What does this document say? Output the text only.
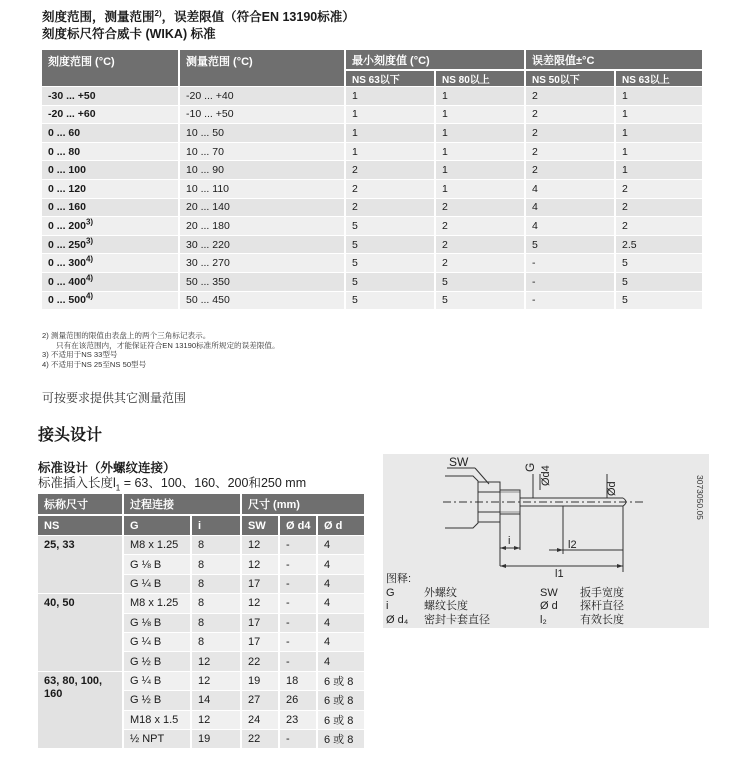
刻度范围，测量范围$^{2)}$，误差限值（符合EN 13190标准）
刻度标尺符合威卡 (WIKA) 标准
刻度范围 (°C)	测量范围 (°C)	最小刻度值 (°C)		误差限值±°C	
		NS 63以下	NS 80以上	NS 50以下	NS 63以上
-30 ... +50	-20 ... +40	1	1	2	1
-20 ... +60	-10 ... +50	1	1	2	1
0 ... 60	10 ... 50	1	1	2	1
0 ... 80	10 ... 70	1	1	2	1
0 ... 100	10 ... 90	2	1	2	1
0 ... 120	10 ... 110	2	1	4	2
0 ... 160	20 ... 140	2	2	4	2
0 ... 200$^{3)}$	20 ... 180	5	2	4	2
0 ... 250$^{3)}$	30 ... 220	5	2	5	2.5
0 ... 300$^{4)}$	30 ... 270	5	2	-	5
0 ... 400$^{4)}$	50 ... 350	5	5	-	5
0 ... 500$^{4)}$	50 ... 450	5	5	-	5
2) 测量范围的限值由表盘上的两个三角标记表示。
只有在该范围内，才能保证符合EN 13190标准所规定的误差限值。
3) 不适用于NS 33型号
4) 不适用于NS 25至NS 50型号
可按要求提供其它测量范围
接头设计
标准设计（外螺纹连接）
标准插入长度$l_1 = 63$、100、160、200和250 mm
标称尺寸	过程连接		尺寸 (mm)		
NS	G	i	SW	Ø d4	Ø d
25, 33	M8 x 1.25	8	12	-	4
	G ⅛ B	8	12	-	4
	G ¼ B	8	17	-	4
40, 50	M8 x 1.25	8	12	-	4
	G ⅛ B	8	17	-	4
	G ¼ B	8	17	-	4
	G ½ B	12	22	-	4
63, 80, 100, 160	G ¼ B	12	19	18	6 或 8
	G ½ B	14	27	26	6 或 8
	M18 x 1.5	12	24	23	6 或 8
	½ NPT	19	22	-	6 或 8
SW	G Ød4
Ød
i	l2
l1
3073050.05
图释:
G	外螺纹	SW	扳手宽度
i	螺纹长度	Ø d	探杆直径
Ø d₄	密封卡套直径	l₂	有效长度
